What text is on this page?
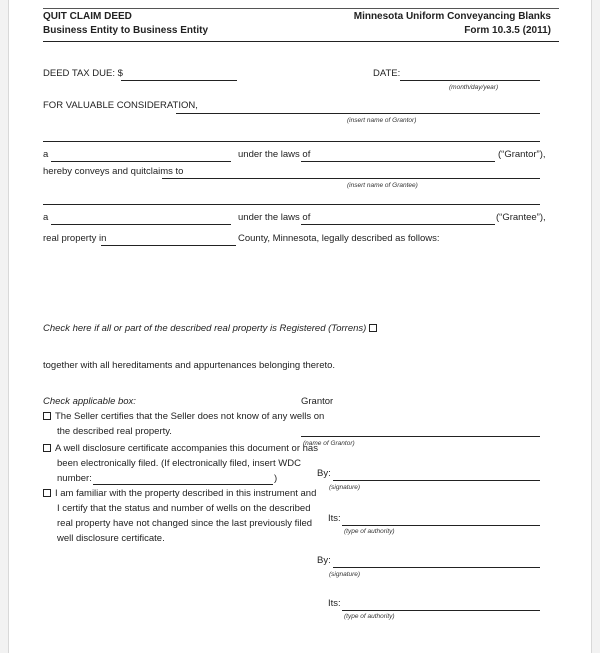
QUIT CLAIM DEED
Business Entity to Business Entity
Minnesota Uniform Conveyancing Blanks
Form 10.3.5 (2011)
DEED TAX DUE: $	DATE:
(month/day/year)
FOR VALUABLE CONSIDERATION,
(insert name of Grantor)
a	under the laws of	(“Grantor”),
hereby conveys and quitclaims to
(insert name of Grantee)
a	under the laws of	(“Grantee”),
real property in	County, Minnesota, legally described as follows:
Check here if all or part of the described real property is Registered (Torrens)
together with all hereditaments and appurtenances belonging thereto.
Check applicable box:
The Seller certifies that the Seller does not know of any wells on
the described real property.
A well disclosure certificate accompanies this document or has
been electronically filed. (If electronically filed, insert WDC
number:	)
I am familiar with the property described in this instrument and
I certify that the status and number of wells on the described
real property have not changed since the last previously filed
well disclosure certificate.
Grantor
(name of Grantor)
By:
(signature)
Its:
(type of authority)
By:
(signature)
Its:
(type of authority)
